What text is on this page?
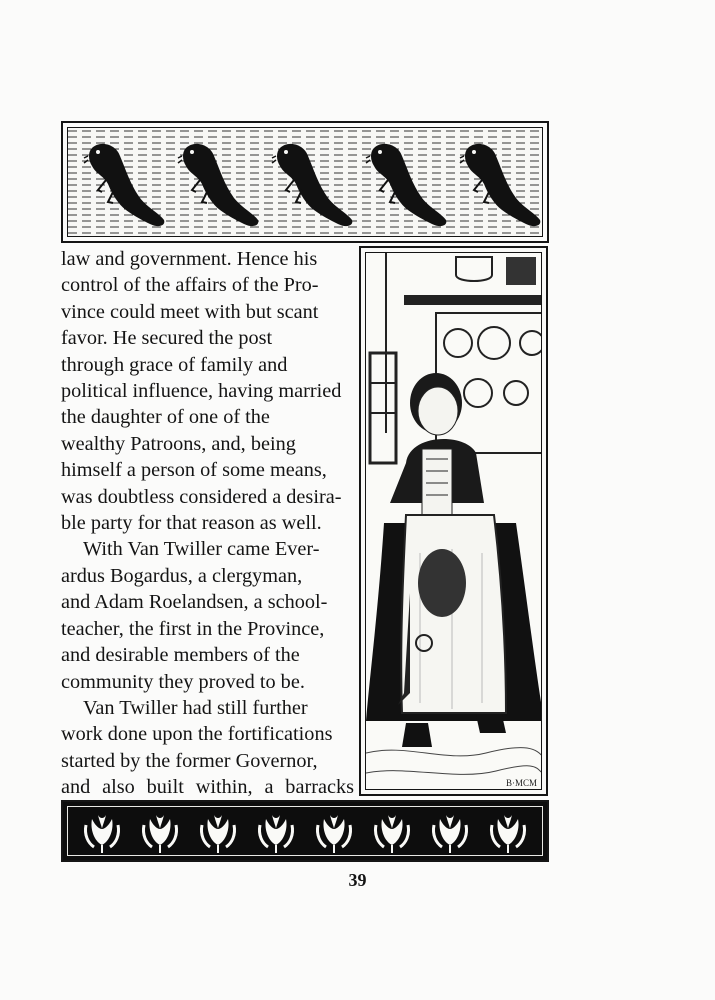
law and government. Hence his

control of the affairs of the Pro-

vince could meet with but scant

favor. He secured the post

through grace of family and

political influence, having married

the daughter of one of the

wealthy Patroons, and, being

himself a person of some means,

was doubtless considered a desira-

ble party for that reason as well.

With Van Twiller came Ever-

ardus Bogardus, a clergyman,

and Adam Roelandsen, a school-

teacher, the first in the Province,

and desirable members of the

community they proved to be.

Van Twiller had still further

work done upon the fortifications

started by the former Governor,

and also built within, a barracks	B·MCM
39
